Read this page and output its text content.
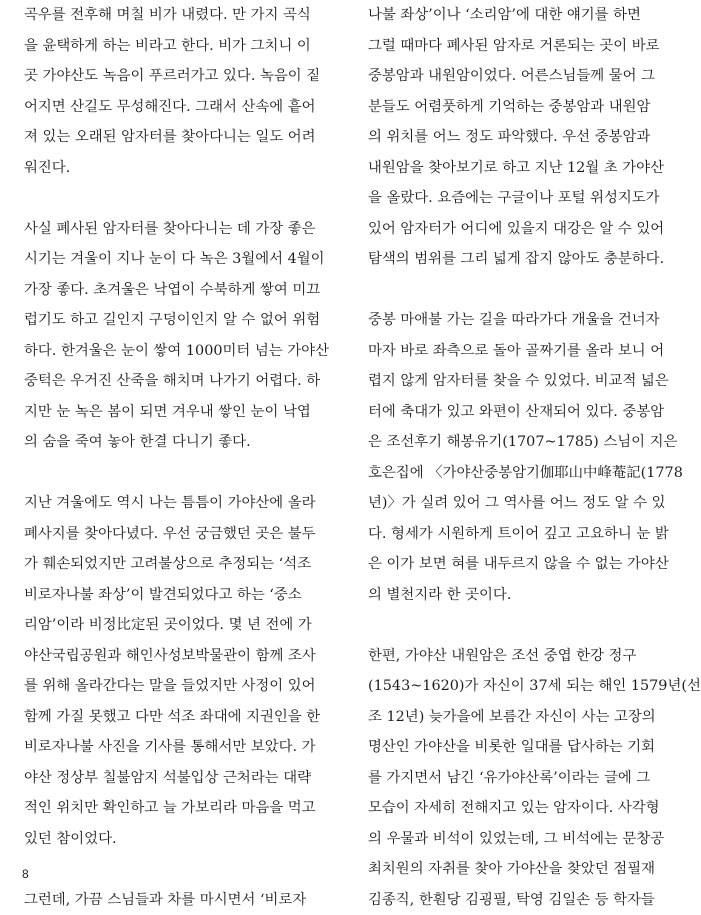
곡우를 전후해 며칠 비가 내렸다. 만 가지 곡식
을 윤택하게 하는 비라고 한다. 비가 그치니 이
곳 가야산도 녹음이 푸르러가고 있다. 녹음이 짙
어지면 산길도 무성해진다. 그래서 산속에 흩어
져 있는 오래된 암자터를 찾아다니는 일도 어려
워진다.
사실 폐사된 암자터를 찾아다니는 데 가장 좋은
시기는 겨울이 지나 눈이 다 녹은 3월에서 4월이
가장 좋다. 초겨울은 낙엽이 수북하게 쌓여 미끄
럽기도 하고 길인지 구덩이인지 알 수 없어 위험
하다. 한겨울은 눈이 쌓여 1000미터 넘는 가야산
중턱은 우거진 산죽을 해치며 나가기 어렵다. 하
지만 눈 녹은 봄이 되면 겨우내 쌓인 눈이 낙엽
의 숨을 죽여 놓아 한결 다니기 좋다.
지난 겨울에도 역시 나는 틈틈이 가야산에 올라
폐사지를 찾아다녔다. 우선 궁금했던 곳은 불두
가 훼손되었지만 고려불상으로 추정되는 ‘석조
비로자나불 좌상’이 발견되었다고 하는 ‘중소
리암’이라 비정比定된 곳이었다. 몇 년 전에 가
야산국립공원과 해인사성보박물관이 함께 조사
를 위해 올라간다는 말을 들었지만 사정이 있어
함께 가질 못했고 다만 석조 좌대에 지권인을 한
비로자나불 사진을 기사를 통해서만 보았다. 가
야산 정상부 칠불암지 석불입상 근처라는 대략
적인 위치만 확인하고 늘 가보리라 마음을 먹고
있던 참이었다.
그런데, 가끔 스님들과 차를 마시면서 ‘비로자
나불 좌상’이나 ‘소리암’에 대한 얘기를 하면
그럴 때마다 폐사된 암자로 거론되는 곳이 바로
중봉암과 내원암이었다. 어른스님들께 물어 그
분들도 어렴풋하게 기억하는 중봉암과 내원암
의 위치를 어느 정도 파악했다. 우선 중봉암과
내원암을 찾아보기로 하고 지난 12월 초 가야산
을 올랐다. 요즘에는 구글이나 포털 위성지도가
있어 암자터가 어디에 있을지 대강은 알 수 있어
탐색의 범위를 그리 넓게 잡지 않아도 충분하다.
중봉 마애불 가는 길을 따라가다 개울을 건너자
마자 바로 좌측으로 돌아 골짜기를 올라 보니 어
렵지 않게 암자터를 찾을 수 있었다. 비교적 넓은
터에 축대가 있고 와편이 산재되어 있다. 중봉암
은 조선후기 해봉유기(1707~1785) 스님이 지은
호은집에 〈가야산중봉암기伽耶山中峰菴記(1778
년)〉가 실려 있어 그 역사를 어느 정도 알 수 있
다. 형세가 시원하게 트이어 깊고 고요하니 눈 밝
은 이가 보면 혀를 내두르지 않을 수 없는 가야산
의 별천지라 한 곳이다.
한편, 가야산 내원암은 조선 중엽 한강 정구
(1543~1620)가 자신이 37세 되는 해인 1579년(선
조 12년) 늦가을에 보름간 자신이 사는 고장의
명산인 가야산을 비롯한 일대를 답사하는 기회
를 가지면서 남긴 ‘유가야산록’이라는 글에 그
모습이 자세히 전해지고 있는 암자이다. 사각형
의 우물과 비석이 있었는데, 그 비석에는 문창공
최치원의 자취를 찾아 가야산을 찾았던 점필재
김종직, 한훤당 김굉필, 탁영 김일손 등 학자들
8
